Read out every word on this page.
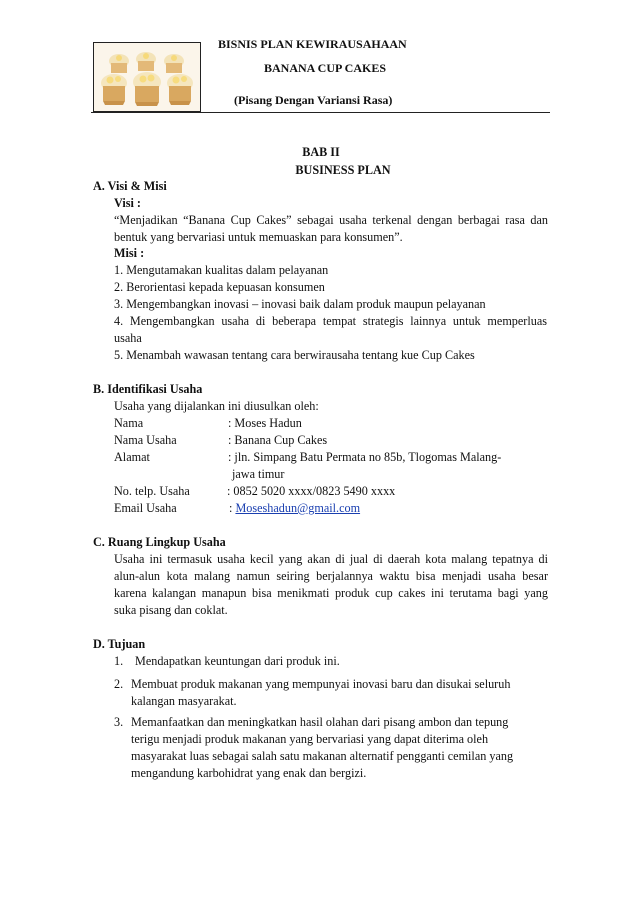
BISNIS PLAN KEWIRAUSAHAAN
BANANA CUP CAKES
(Pisang Dengan Variansi Rasa)
BAB II
BUSINESS PLAN
A. Visi & Misi
Visi :
“Menjadikan “Banana Cup Cakes” sebagai usaha terkenal dengan berbagai rasa dan
bentuk yang bervariasi untuk memuaskan para konsumen”.
Misi :
1. Mengutamakan kualitas dalam pelayanan
2. Berorientasi kepada kepuasan konsumen
3. Mengembangkan inovasi – inovasi baik dalam produk maupun pelayanan
4. Mengembangkan usaha di beberapa tempat strategis lainnya untuk memperluas
usaha
5. Menambah wawasan tentang cara berwirausaha tentang kue Cup Cakes
B. Identifikasi Usaha
Usaha yang dijalankan ini diusulkan oleh:
Nama	: Moses Hadun
Nama Usaha	: Banana Cup Cakes
Alamat	: jln. Simpang Batu Permata no 85b, Tlogomas Malang-
jawa timur
No. telp. Usaha	: 0852 5020 xxxx/0823 5490 xxxx
Email Usaha	: Moseshadun@gmail.com
C. Ruang Lingkup Usaha
Usaha ini termasuk usaha kecil yang akan di jual di daerah kota malang tepatnya di
alun-alun kota malang namun seiring berjalannya waktu bisa menjadi usaha besar
karena kalangan manapun bisa menikmati produk cup cakes ini terutama bagi yang
suka pisang dan coklat.
D. Tujuan
1. Mendapatkan keuntungan dari produk ini.
2. Membuat produk makanan yang mempunyai inovasi baru dan disukai seluruh
kalangan masyarakat.
3. Memanfaatkan dan meningkatkan hasil olahan dari pisang ambon dan tepung
terigu menjadi produk makanan yang bervariasi yang dapat diterima oleh
masyarakat luas sebagai salah satu makanan alternatif pengganti cemilan yang
mengandung karbohidrat yang enak dan bergizi.
